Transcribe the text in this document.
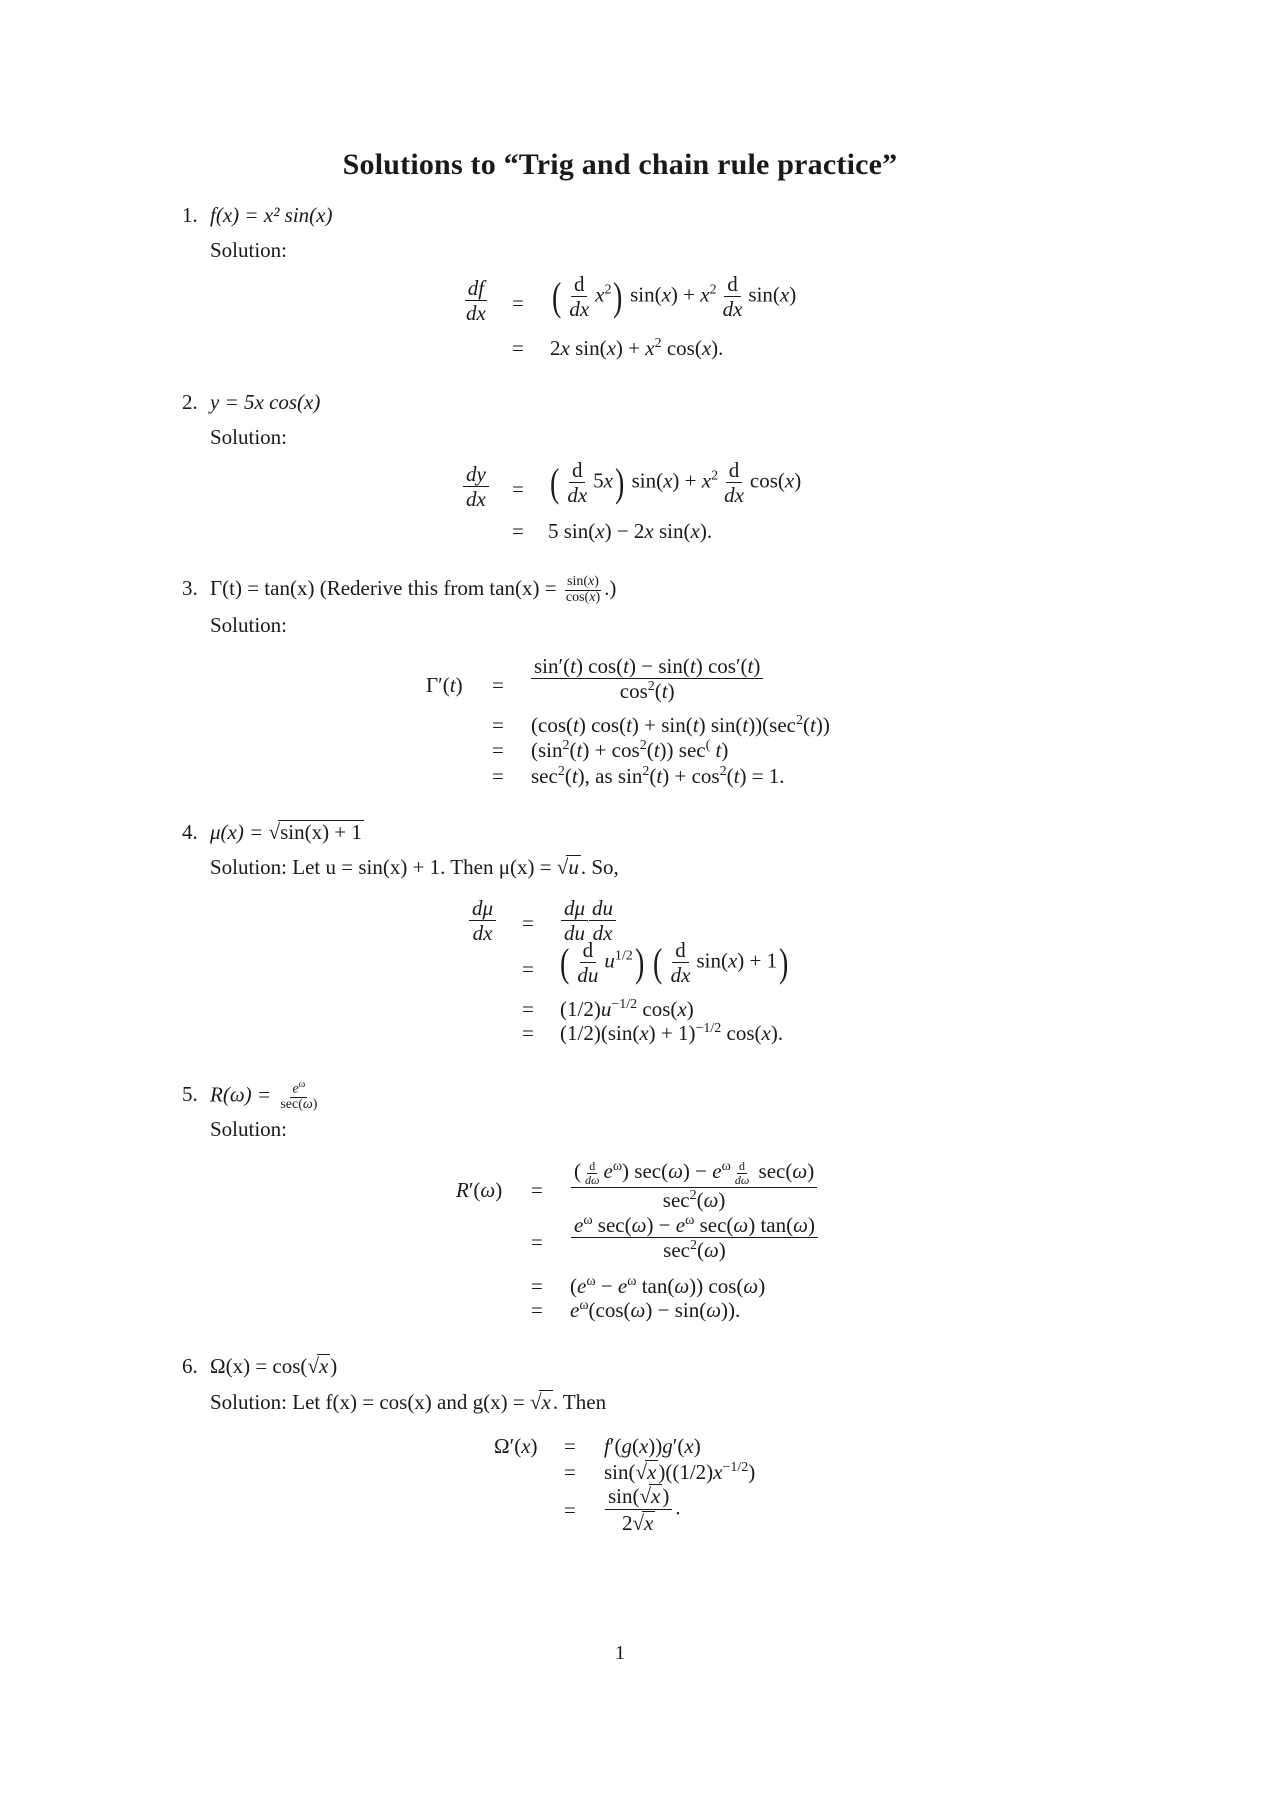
Solutions to “Trig and chain rule practice”
1. f(x) = x² sin(x)
Solution:
$\frac{df}{dx}$ = ( $\frac{d}{dx} x^2$) $\sin(x) + x^2 \frac{d}{dx} \sin(x)$
= 2x $\sin(x) + x^2$ cos(x).
2. y = 5x cos(x)
Solution:
$\frac{dy}{dx}$ = ( $\frac{d}{dx} 5x$) $\sin(x) + x^2 \frac{d}{dx} \cos(x)$
= 5 sin(x) − 2x sin(x).
3. Γ(t) = tan(x) (Rederive this from $\tan(x) = \frac{\sin(x)}{\cos(x)}$ .)
Solution:
$\Gamma'(t) = \frac{\sin'(t) \cos(t) - \sin(t) \cos'(t)}{\cos^2(t)}$
= (cos(t) cos(t) + sin(t) $\sin(t))(\sec^2(t))$
= $(\sin^2(t) + \cos^2(t))$ sec( t)
= $\sec^2(t)$, as $\sin^2(t) + \cos^2(t) = 1$.
4. μ(x) = √sin(x) + 1
Solution: Let u = sin(x) + 1. Then μ(x) = √u. So,
$\frac{d\mu}{dx} = \frac{d\mu}{du} \frac{du}{dx}$
= ( $\frac{d}{du} u^{1/2}$) ( $\frac{d}{dx} \sin(x) + 1$)
= $(1/2)u^{-1/2}$ cos(x)
= $(1/2)(\sin(x) + 1)^{-1/2}$ cos(x).
5. $R(\omega) = e^\omega$
sec(ω)
Solution:
$R'(\omega) = \frac{( \frac{d}{d\omega} e^\omega) \sec(\omega) - e^\omega \frac{d}{d\omega} \sec(\omega)}{\sec^2(\omega)}$
= $\frac{e^\omega \sec(\omega) - e^\omega \sec(\omega) \tan(\omega)}{\sec^2(\omega)}$
= ($e^\omega - e^\omega$ tan(ω)) cos(ω)
= $e^\omega(\cos(\omega) - \sin(\omega))$.
6. Ω(x) = cos(√x)
Solution: Let f(x) = cos(x) and g(x) = √x. Then
Ω′(x) = f′(g(x))g′(x)
= $\sin(√x)((1/2)x^{-1/2})$
= $\frac{\sin(√x)}{2√x}$ .
1
